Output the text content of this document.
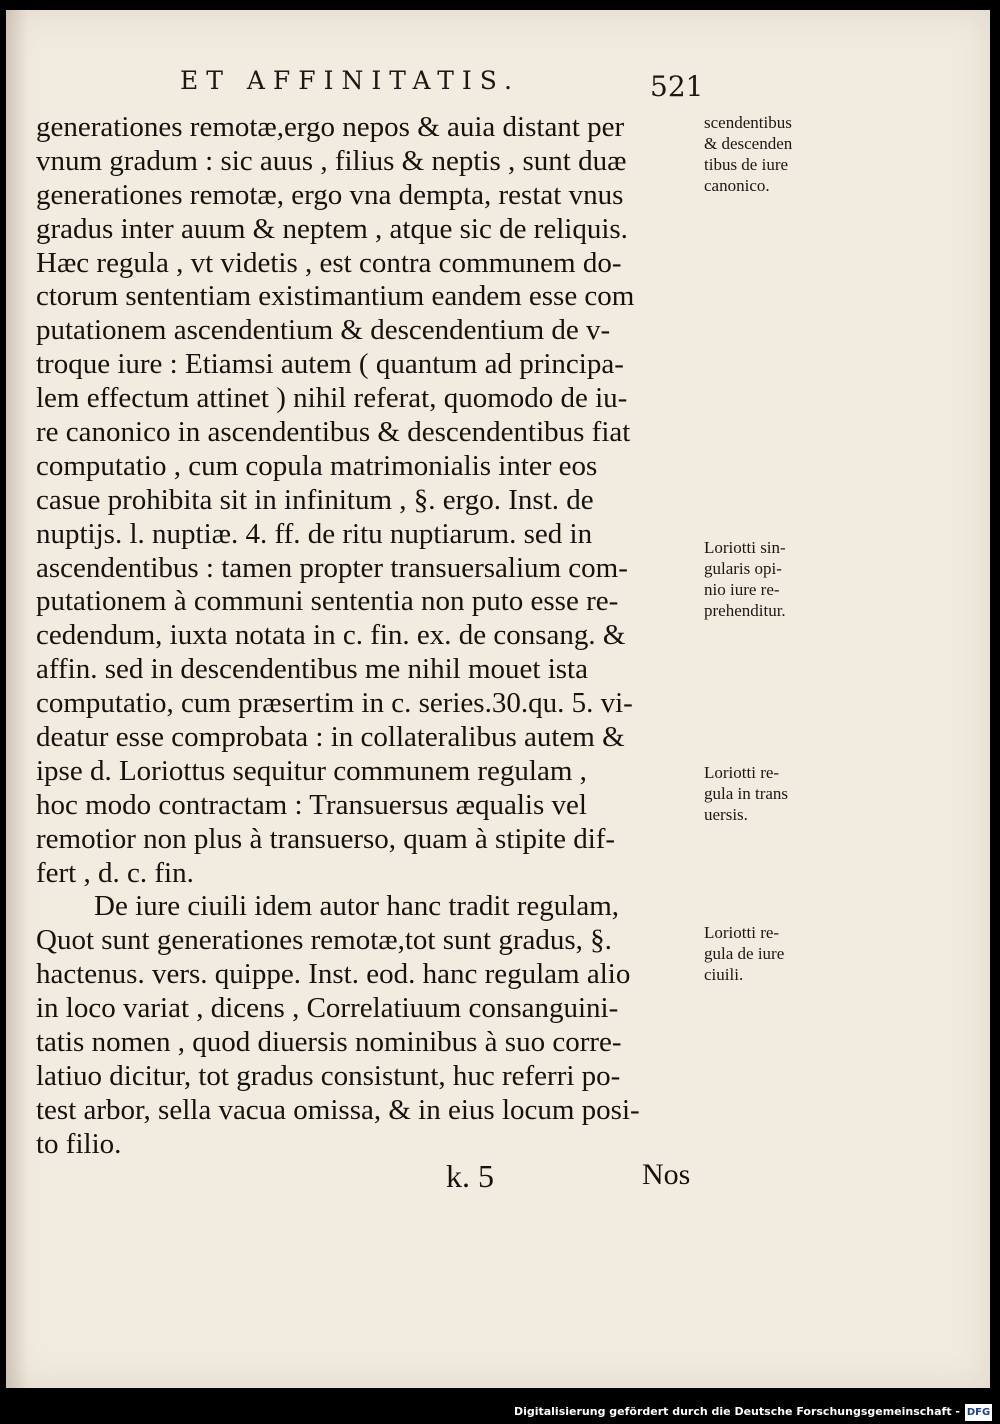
ET AFFINITATIS.	521
generationes remotæ,ergo nepos & auia distant per
vnum gradum : sic auus , filius & neptis , sunt duæ
generationes remotæ, ergo vna dempta, restat vnus
gradus inter auum & neptem , atque sic de reliquis.
Hæc regula , vt videtis , est contra communem do-
ctorum sententiam existimantium eandem esse com
putationem ascendentium & descendentium de v-
troque iure : Etiamsi autem ( quantum ad principa-
lem effectum attinet ) nihil referat, quomodo de iu-
re canonico in ascendentibus & descendentibus fiat
computatio , cum copula matrimonialis inter eos
casue prohibita sit in infinitum , §. ergo. Inst. de
nuptijs. l. nuptiæ. 4. ff. de ritu nuptiarum. sed in
ascendentibus : tamen propter transuersalium com-
putationem à communi sententia non puto esse re-
cedendum, iuxta notata in c. fin. ex. de consang. &
affin. sed in descendentibus me nihil mouet ista
computatio, cum præsertim in c. series.30.qu. 5. vi-
deatur esse comprobata : in collateralibus autem &
ipse d. Loriottus sequitur communem regulam ,
hoc modo contractam : Transuersus æqualis vel
remotior non plus à transuerso, quam à stipite dif-
fert , d. c. fin.
De iure ciuili idem autor hanc tradit regulam,
Quot sunt generationes remotæ,tot sunt gradus, §.
hactenus. vers. quippe. Inst. eod. hanc regulam alio
in loco variat , dicens , Correlatiuum consanguini-
tatis nomen , quod diuersis nominibus à suo corre-
latiuo dicitur, tot gradus consistunt, huc referri po-
test arbor, sella vacua omissa, & in eius locum posi-
to filio.
scendentibus
& descenden
tibus de iure
canonico.
Loriotti sin-
gularis opi-
nio iure re-
prehenditur.
Loriotti re-
gula in trans
uersis.
Loriotti re-
gula de iure
ciuili.
k. 5	Nos
Digitalisierung gefördert durch die Deutsche Forschungsgemeinschaft - DFG
